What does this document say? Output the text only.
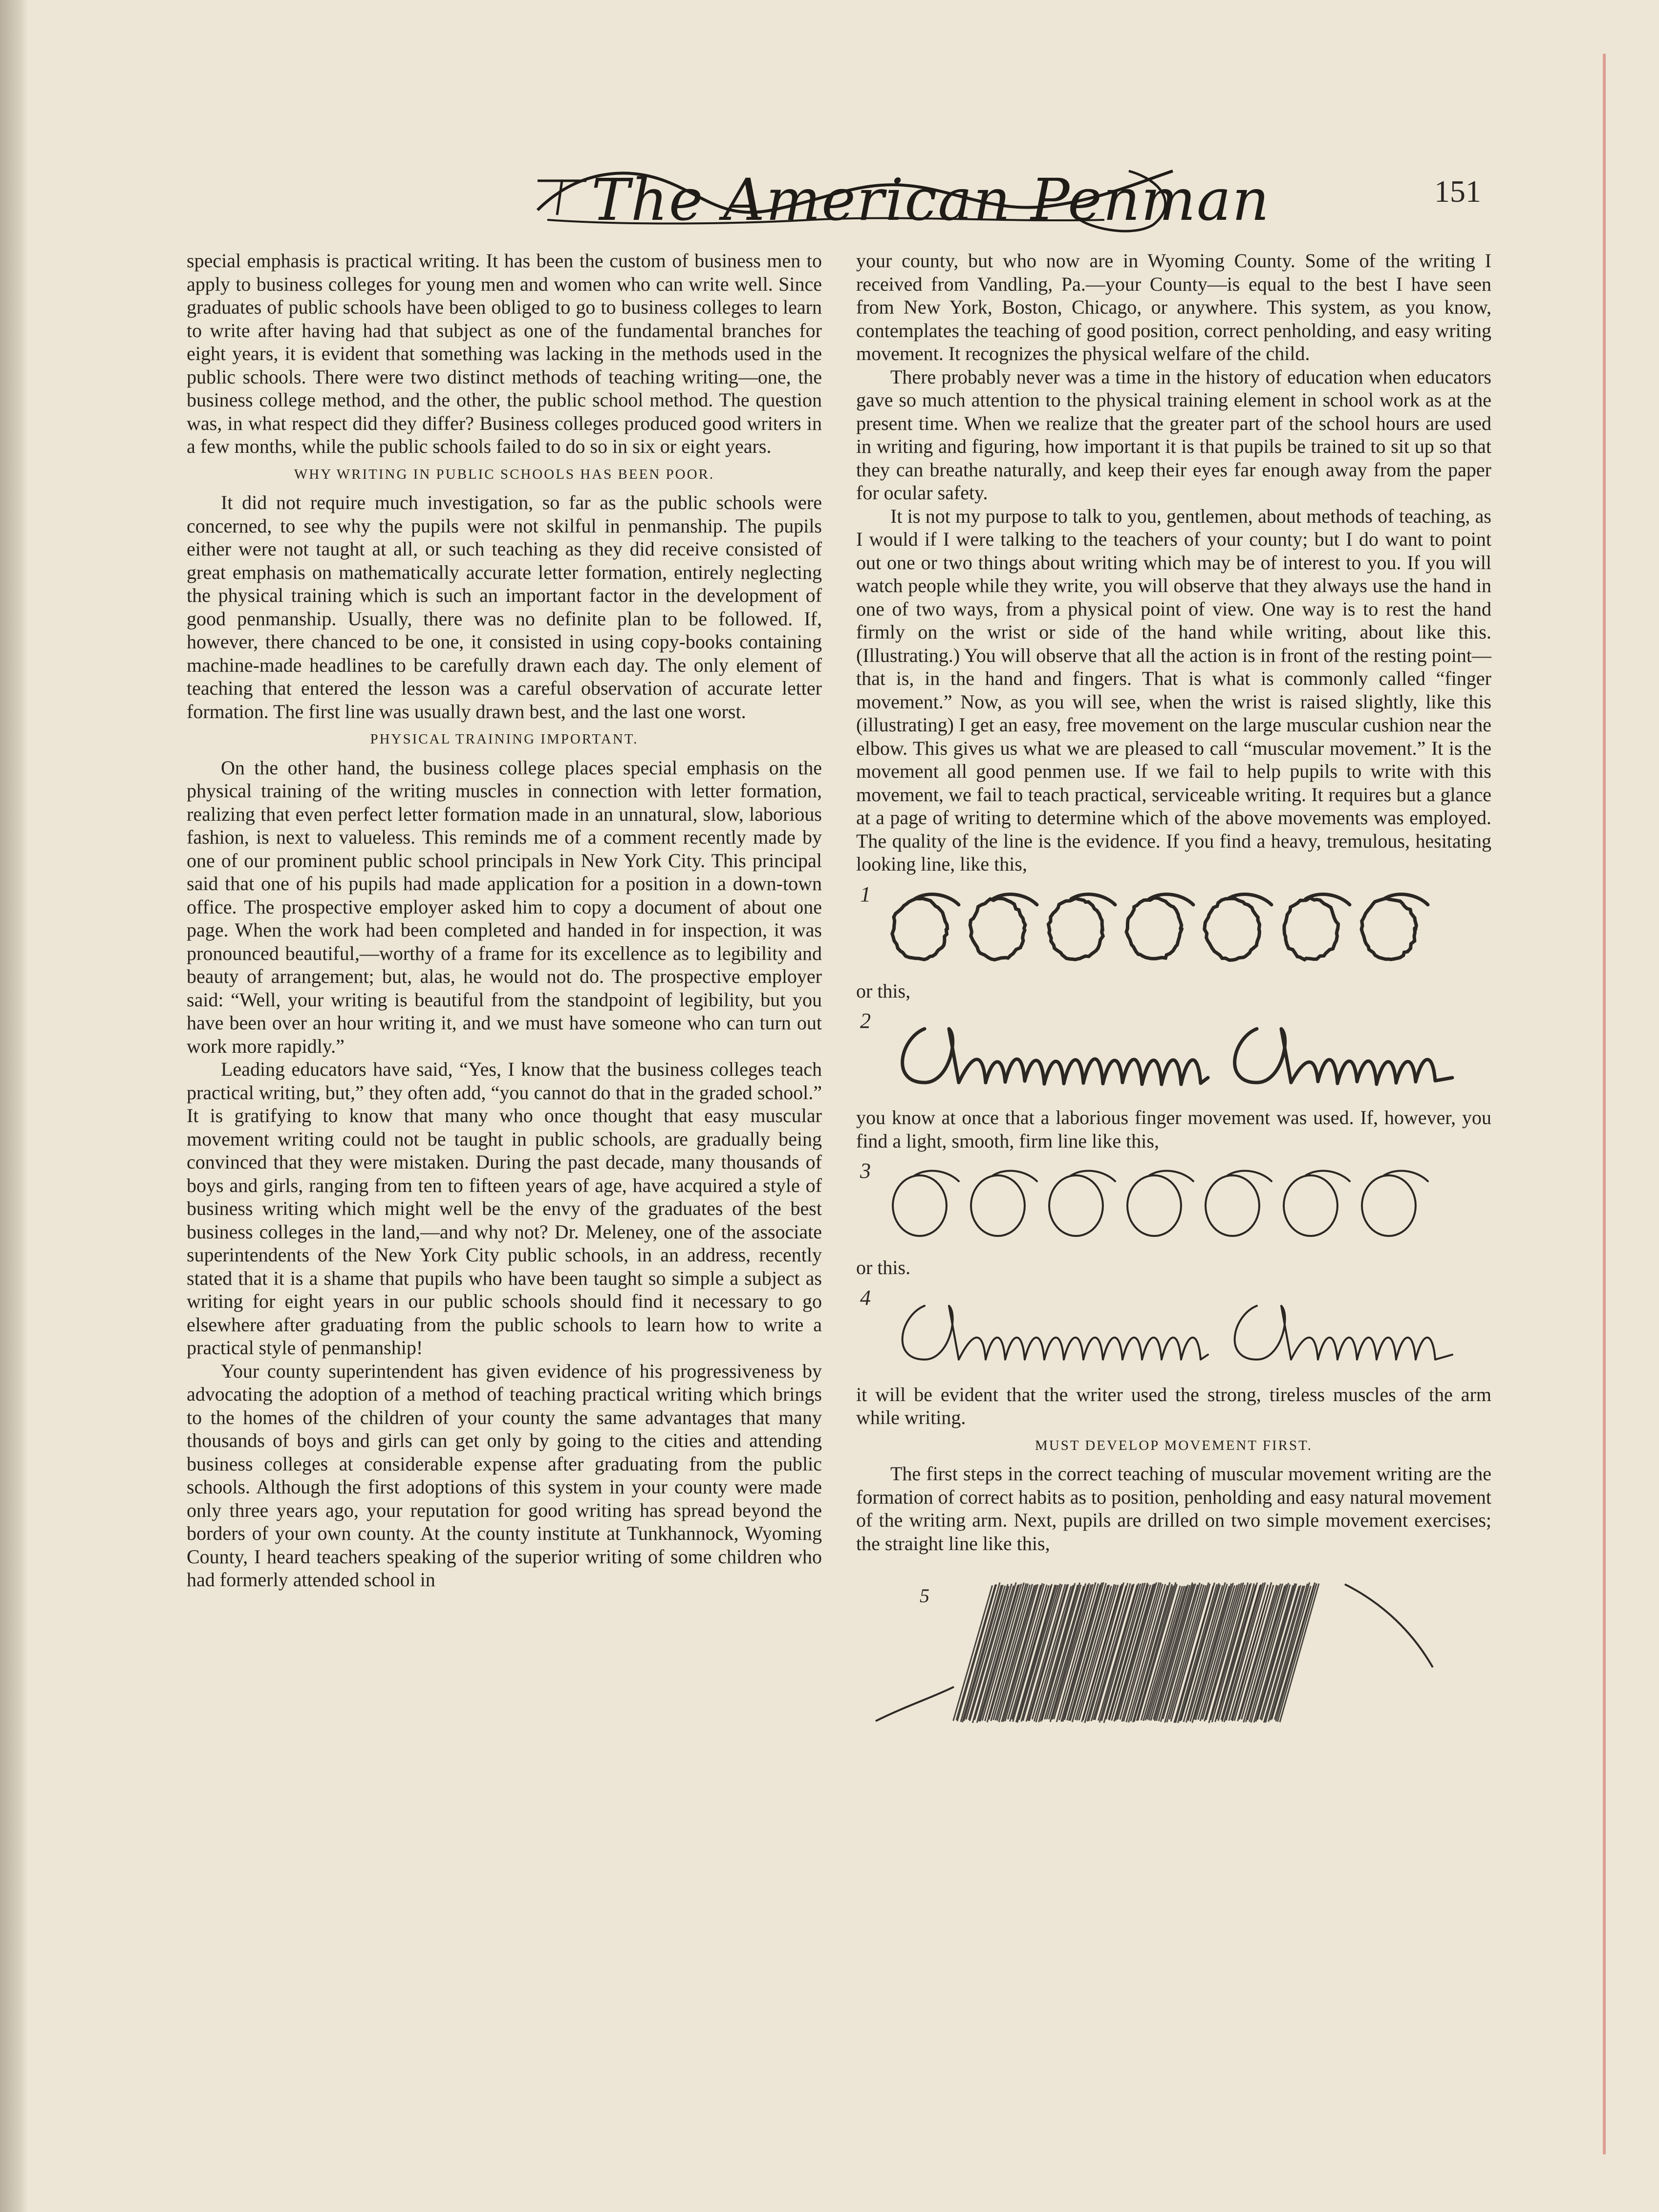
The American Penman	151

special emphasis is practical writing. It has been the custom of business men to apply to business colleges for young men and women who can write well. Since graduates of public schools have been obliged to go to business colleges to learn to write after having had that subject as one of the fundamental branches for eight years, it is evident that something was lacking in the methods used in the public schools. There were two distinct methods of teaching writing—one, the business college method, and the other, the public school method. The question was, in what respect did they differ? Business colleges produced good writers in a few months, while the public schools failed to do so in six or eight years.

WHY WRITING IN PUBLIC SCHOOLS HAS BEEN POOR.

It did not require much investigation, so far as the public schools were concerned, to see why the pupils were not skilful in penmanship. The pupils either were not taught at all, or such teaching as they did receive consisted of great emphasis on mathematically accurate letter formation, entirely neglecting the physical training which is such an important factor in the development of good penmanship. Usually, there was no definite plan to be followed. If, however, there chanced to be one, it consisted in using copy-books containing machine-made headlines to be carefully drawn each day. The only element of teaching that entered the lesson was a careful observation of accurate letter formation. The first line was usually drawn best, and the last one worst.

PHYSICAL TRAINING IMPORTANT.

On the other hand, the business college places special emphasis on the physical training of the writing muscles in connection with letter formation, realizing that even perfect letter formation made in an unnatural, slow, laborious fashion, is next to valueless. This reminds me of a comment recently made by one of our prominent public school principals in New York City. This principal said that one of his pupils had made application for a position in a down-town office. The prospective employer asked him to copy a document of about one page. When the work had been completed and handed in for inspection, it was pronounced beautiful,—worthy of a frame for its excellence as to legibility and beauty of arrangement; but, alas, he would not do. The prospective employer said: “Well, your writing is beautiful from the standpoint of legibility, but you have been over an hour writing it, and we must have someone who can turn out work more rapidly.”

Leading educators have said, “Yes, I know that the business colleges teach practical writing, but,” they often add, “you cannot do that in the graded school.” It is gratifying to know that many who once thought that easy muscular movement writing could not be taught in public schools, are gradually being convinced that they were mistaken. During the past decade, many thousands of boys and girls, ranging from ten to fifteen years of age, have acquired a style of business writing which might well be the envy of the graduates of the best business colleges in the land,—and why not? Dr. Meleney, one of the associate superintendents of the New York City public schools, in an address, recently stated that it is a shame that pupils who have been taught so simple a subject as writing for eight years in our public schools should find it necessary to go elsewhere after graduating from the public schools to learn how to write a practical style of penmanship!

Your county superintendent has given evidence of his progressiveness by advocating the adoption of a method of teaching practical writing which brings to the homes of the children of your county the same advantages that many thousands of boys and girls can get only by going to the cities and attending business colleges at considerable expense after graduating from the public schools. Although the first adoptions of this system in your county were made only three years ago, your reputation for good writing has spread beyond the borders of your own county. At the county institute at Tunkhannock, Wyoming County, I heard teachers speaking of the superior writing of some children who had formerly attended school in

your county, but who now are in Wyoming County. Some of the writing I received from Vandling, Pa.—your County—is equal to the best I have seen from New York, Boston, Chicago, or anywhere. This system, as you know, contemplates the teaching of good position, correct penholding, and easy writing movement. It recognizes the physical welfare of the child.

There probably never was a time in the history of education when educators gave so much attention to the physical training element in school work as at the present time. When we realize that the greater part of the school hours are used in writing and figuring, how important it is that pupils be trained to sit up so that they can breathe naturally, and keep their eyes far enough away from the paper for ocular safety.

It is not my purpose to talk to you, gentlemen, about methods of teaching, as I would if I were talking to the teachers of your county; but I do want to point out one or two things about writing which may be of interest to you. If you will watch people while they write, you will observe that they always use the hand in one of two ways, from a physical point of view. One way is to rest the hand firmly on the wrist or side of the hand while writing, about like this. (Illustrating.) You will observe that all the action is in front of the resting point—that is, in the hand and fingers. That is what is commonly called “finger movement.” Now, as you will see, when the wrist is raised slightly, like this (illustrating) I get an easy, free movement on the large muscular cushion near the elbow. This gives us what we are pleased to call “muscular movement.” It is the movement all good penmen use. If we fail to help pupils to write with this movement, we fail to teach practical, serviceable writing. It requires but a glance at a page of writing to determine which of the above movements was employed. The quality of the line is the evidence. If you find a heavy, tremulous, hesitating looking line, like this,

1

or this,

2

you know at once that a laborious finger movement was used. If, however, you find a light, smooth, firm line like this,

3

or this.

4

it will be evident that the writer used the strong, tireless muscles of the arm while writing.

MUST DEVELOP MOVEMENT FIRST.

The first steps in the correct teaching of muscular movement writing are the formation of correct habits as to position, penholding and easy natural movement of the writing arm. Next, pupils are drilled on two simple movement exercises; the straight line like this,

5
